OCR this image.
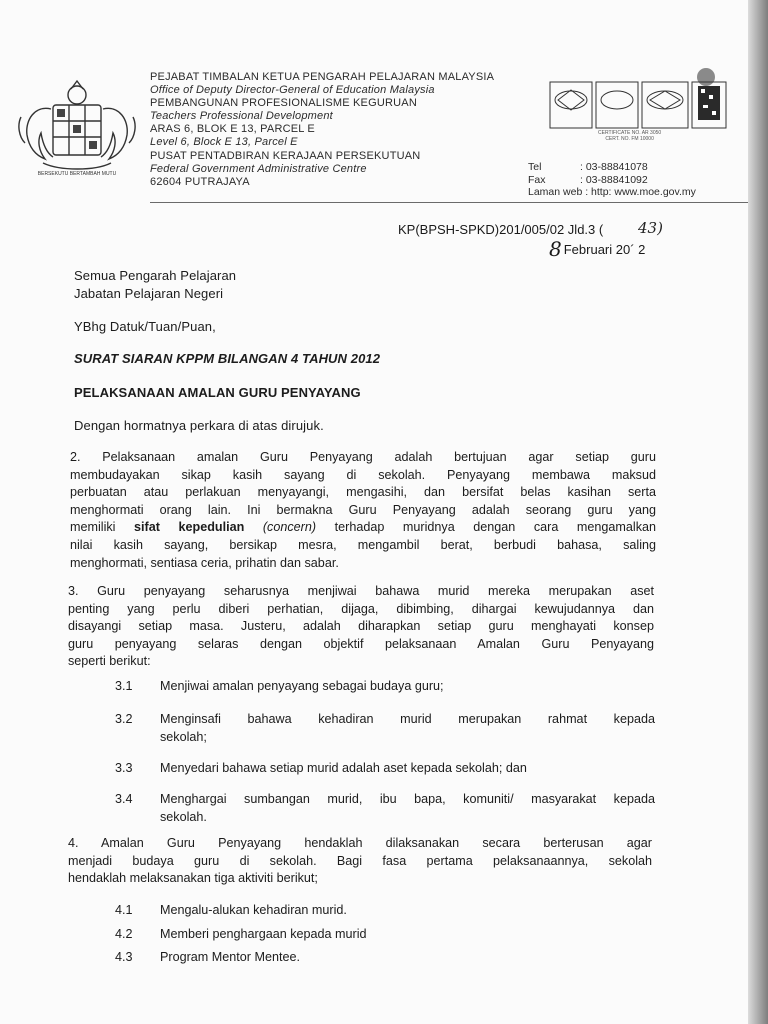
BERSEKUTU BERTAMBAH MUTU
PEJABAT TIMBALAN KETUA PENGARAH PELAJARAN MALAYSIA
Office of Deputy Director-General of Education Malaysia
PEMBANGUNAN PROFESIONALISME KEGURUAN
Teachers Professional Development
ARAS 6, BLOK E 13, PARCEL E
Level 6, Block E 13, Parcel E
PUSAT PENTADBIRAN KERAJAAN PERSEKUTUAN
Federal Government Administrative Centre
62604 PUTRAJAYA
CERTIFICATE NO. AR 3050
CERT. NO. FM 10000
Tel	: 03-88841078
Fax	: 03-88841092
Laman web : http: www.moe.gov.my
KP(BPSH-SPKD)201/005/02 Jld.3 ( 43)
8 Februari 20´ 2
Semua Pengarah Pelajaran
Jabatan Pelajaran Negeri
YBhg Datuk/Tuan/Puan,
SURAT SIARAN KPPM BILANGAN 4 TAHUN 2012
PELAKSANAAN AMALAN GURU PENYAYANG
Dengan hormatnya perkara di atas dirujuk.
2. Pelaksanaan amalan Guru Penyayang adalah bertujuan agar setiap guru
membudayakan sikap kasih sayang di sekolah. Penyayang membawa maksud
perbuatan atau perlakuan menyayangi, mengasihi, dan bersifat belas kasihan serta
menghormati orang lain. Ini bermakna Guru Penyayang adalah seorang guru yang
memiliki sifat kepedulian (concern) terhadap muridnya dengan cara mengamalkan
nilai kasih sayang, bersikap mesra, mengambil berat, berbudi bahasa, saling
menghormati, sentiasa ceria, prihatin dan sabar.
3. Guru penyayang seharusnya menjiwai bahawa murid mereka merupakan aset
penting yang perlu diberi perhatian, dijaga, dibimbing, dihargai kewujudannya dan
disayangi setiap masa. Justeru, adalah diharapkan setiap guru menghayati konsep
guru penyayang selaras dengan objektif pelaksanaan Amalan Guru Penyayang
seperti berikut:
3.1 Menjiwai amalan penyayang sebagai budaya guru;
3.2 Menginsafi bahawa kehadiran murid merupakan rahmat kepada
sekolah;
3.3 Menyedari bahawa setiap murid adalah aset kepada sekolah; dan
3.4 Menghargai sumbangan murid, ibu bapa, komuniti/ masyarakat kepada
sekolah.
4. Amalan Guru Penyayang hendaklah dilaksanakan secara berterusan agar
menjadi budaya guru di sekolah. Bagi fasa pertama pelaksanaannya, sekolah
hendaklah melaksanakan tiga aktiviti berikut;
4.1 Mengalu-alukan kehadiran murid.
4.2 Memberi penghargaan kepada murid
4.3 Program Mentor Mentee.
